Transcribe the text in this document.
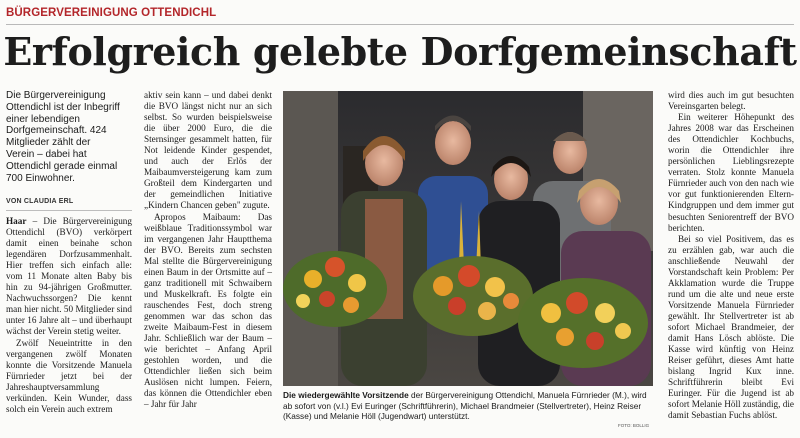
BÜRGERVEREINIGUNG OTTENDICHL
Erfolgreich gelebte Dorfgemeinschaft
Die Bürgervereinigung Ottendichl ist der Inbegriff einer lebendigen Dorfgemeinschaft. 424 Mitglieder zählt der Verein – dabei hat Ottendichl gerade einmal 700 Einwohner.
VON CLAUDIA ERL

Haar – Die Bürgervereinigung Ottendichl (BVO) verkörpert damit einen beinahe schon legendären Dorfzusammenhalt. Hier treffen sich einfach alle: vom 11 Monate alten Baby bis hin zu 94-jährigen Großmutter. Nachwuchssorgen? Die kennt man hier nicht. 50 Mitglieder sind unter 16 Jahre alt – und überhaupt wächst der Verein stetig weiter.

Zwölf Neueintritte in den vergangenen zwölf Monaten konnte die Vorsitzende Manuela Fürnrieder jetzt bei der Jahreshauptversammlung verkünden. Kein Wunder, dass solch ein Verein auch extrem

aktiv sein kann – und dabei denkt die BVO längst nicht nur an sich selbst. So wurden beispielsweise die über 2000 Euro, die die Sternsinger gesammelt hatten, für Not leidende Kinder gespendet, und auch der Erlös der Maibaumversteigerung kam zum Großteil dem Kindergarten und der gemeindlichen Initiative „Kindern Chancen geben" zugute.

Apropos Maibaum: Das weißblaue Traditionssymbol war im vergangenen Jahr Hauptthema der BVO. Bereits zum sechsten Mal stellte die Bürgervereinigung einen Baum in der Ortsmitte auf – ganz traditionell mit Schwaibern und Muskelkraft. Es folgte ein rauschendes Fest, doch streng genommen war das schon das zweite Maibaum-Fest in diesem Jahr. Schließlich war der Baum – wie berichtet – Anfang April gestohlen worden, und die Ottendichler ließen sich beim Auslösen nicht lumpen. Feiern, das können die Ottendichler eben – Jahr für Jahr

Die wiedergewählte Vorsitzende der Bürgervereinigung Ottendichl, Manuela Fürnrieder (M.), wird ab sofort von (v.l.) Evi Euringer (Schriftführerin), Michael Brandmeier (Stellvertreter), Heinz Reiser (Kasse) und Melanie Höll (Jugendwart) unterstützt.
FOTO: BOLLIG

wird dies auch im gut besuchten Vereinsgarten belegt.

Ein weiterer Höhepunkt des Jahres 2008 war das Erscheinen des Ottendichler Kochbuchs, worin die Ottendichler ihre persönlichen Lieblingsrezepte verraten. Stolz konnte Manuela Fürnrieder auch von den nach wie vor gut funktionierenden Eltern-Kindgruppen und dem immer gut besuchten Seniorentreff der BVO berichten.

Bei so viel Positivem, das es zu erzählen gab, war auch die anschließende Neuwahl der Vorstandschaft kein Problem: Per Akklamation wurde die Truppe rund um die alte und neue erste Vorsitzende Manuela Fürnrieder gewählt. Ihr Stellvertreter ist ab sofort Michael Brandmeier, der damit Hans Lösch ablöste. Die Kasse wird künftig von Heinz Reiser geführt, dieses Amt hatte bislang Ingrid Kux inne. Schriftführerin bleibt Evi Euringer. Für die Jugend ist ab sofort Melanie Höll zuständig, die damit Sebastian Fuchs ablöst.
